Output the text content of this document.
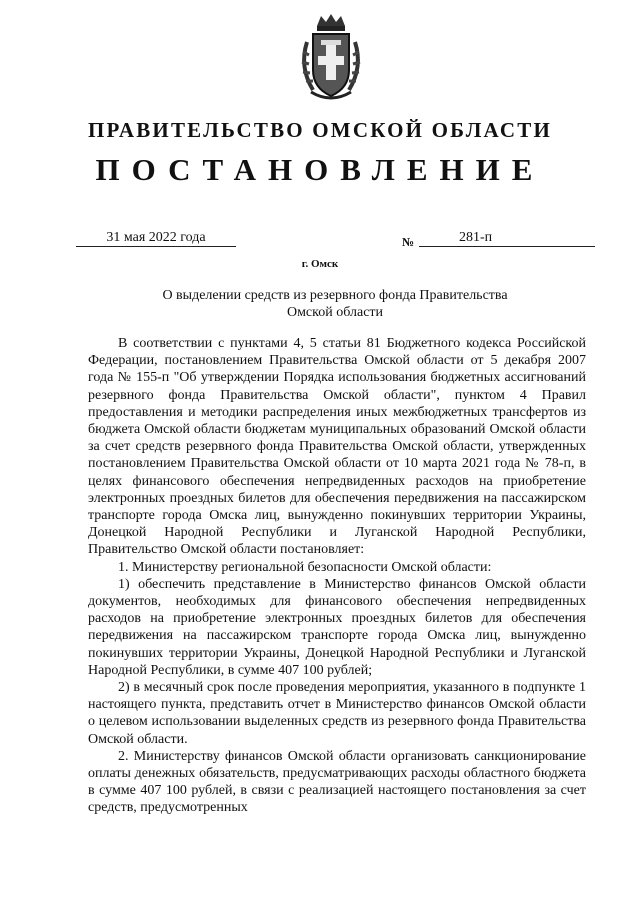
ПРАВИТЕЛЬСТВО ОМСКОЙ ОБЛАСТИ
ПОСТАНОВЛЕНИЕ
31 мая 2022 года	№	281-п
г. Омск
О выделении средств из резервного фонда Правительства Омской области

В соответствии с пунктами 4, 5 статьи 81 Бюджетного кодекса Российской Федерации, постановлением Правительства Омской области от 5 декабря 2007 года № 155-п "Об утверждении Порядка использования бюджетных ассигнований резервного фонда Правительства Омской области", пунктом 4 Правил предоставления и методики распределения иных межбюджетных трансфертов из бюджета Омской области бюджетам муниципальных образований Омской области за счет средств резервного фонда Правительства Омской области, утвержденных постановлением Правительства Омской области от 10 марта 2021 года № 78-п, в целях финансового обеспечения непредвиденных расходов на приобретение электронных проездных билетов для обеспечения передвижения на пассажирском транспорте города Омска лиц, вынужденно покинувших территории Украины, Донецкой Народной Республики и Луганской Народной Республики, Правительство Омской области постановляет:

1. Министерству региональной безопасности Омской области:

1) обеспечить представление в Министерство финансов Омской области документов, необходимых для финансового обеспечения непредвиденных расходов на приобретение электронных проездных билетов для обеспечения передвижения на пассажирском транспорте города Омска лиц, вынужденно покинувших территории Украины, Донецкой Народной Республики и Луганской Народной Республики, в сумме 407 100 рублей;

2) в месячный срок после проведения мероприятия, указанного в подпункте 1 настоящего пункта, представить отчет в Министерство финансов Омской области о целевом использовании выделенных средств из резервного фонда Правительства Омской области.

2. Министерству финансов Омской области организовать санкционирование оплаты денежных обязательств, предусматривающих расходы областного бюджета в сумме 407 100 рублей, в связи с реализацией настоящего постановления за счет средств, предусмотренных
